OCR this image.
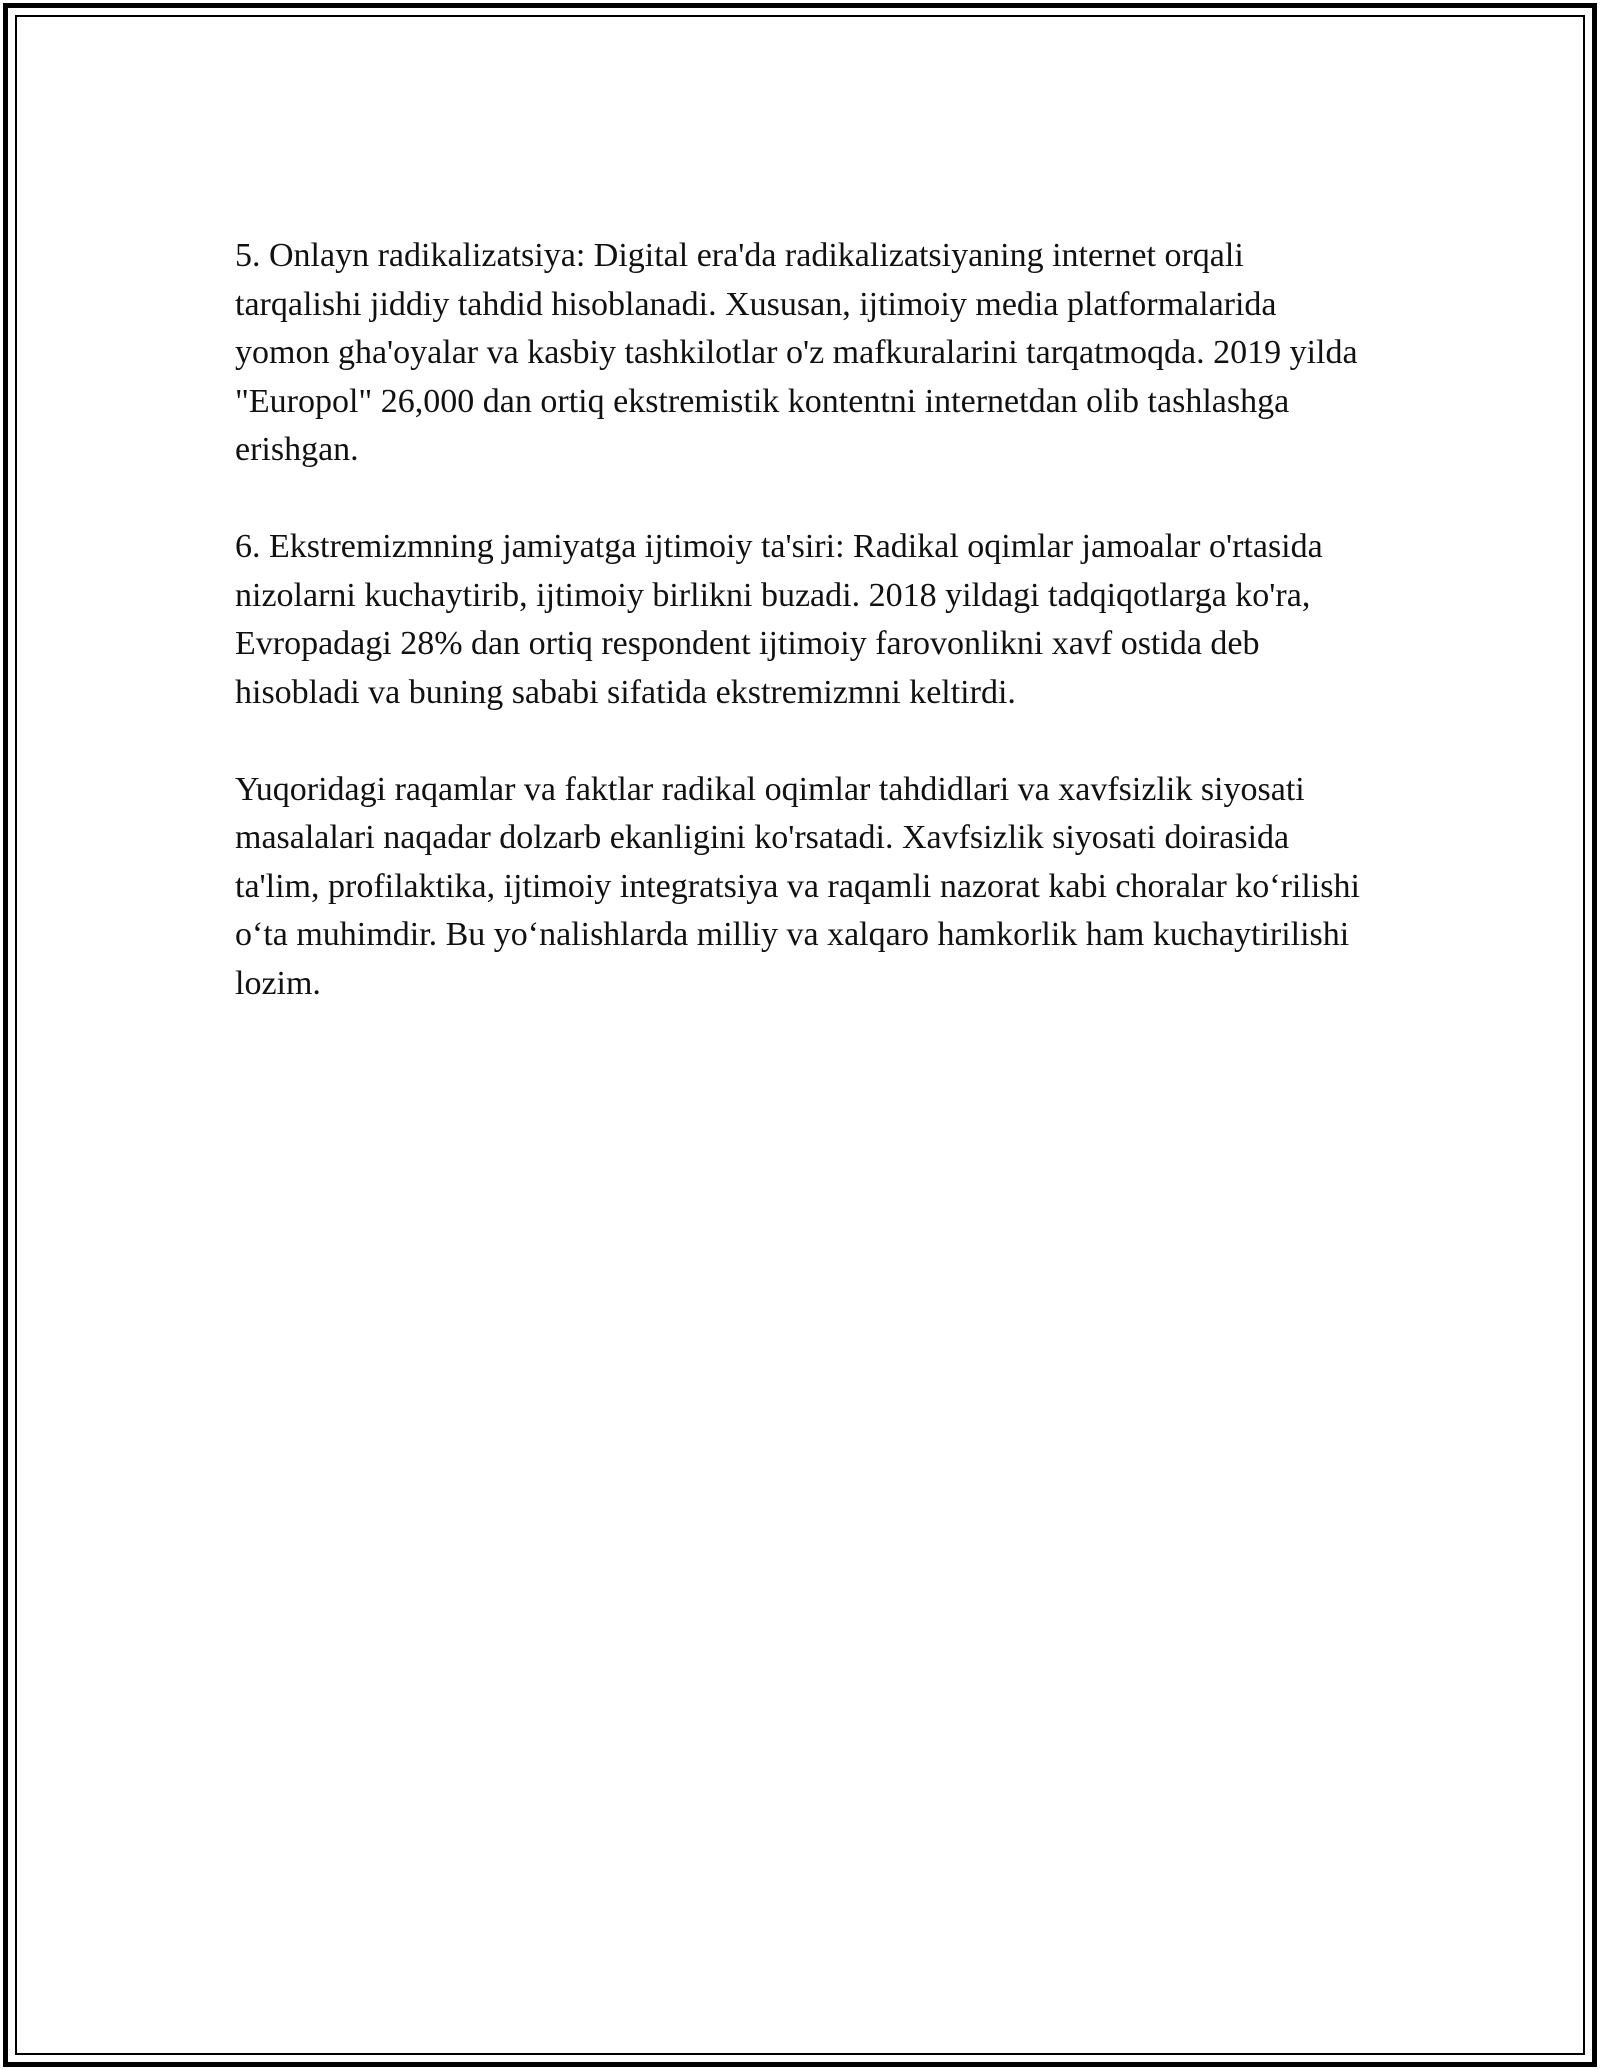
5. Onlayn radikalizatsiya: Digital era'da radikalizatsiyaning internet orqali tarqalishi jiddiy tahdid hisoblanadi. Xususan, ijtimoiy media platformalarida yomon gha'oyalar va kasbiy tashkilotlar o'z mafkuralarini tarqatmoqda. 2019 yilda "Europol" 26,000 dan ortiq ekstremistik kontentni internetdan olib tashlashga erishgan.

6. Ekstremizmning jamiyatga ijtimoiy ta'siri: Radikal oqimlar jamoalar o'rtasida nizolarni kuchaytirib, ijtimoiy birlikni buzadi. 2018 yildagi tadqiqotlarga ko'ra, Evropadagi 28% dan ortiq respondent ijtimoiy farovonlikni xavf ostida deb hisobladi va buning sababi sifatida ekstremizmni keltirdi.

Yuqoridagi raqamlar va faktlar radikal oqimlar tahdidlari va xavfsizlik siyosati masalalari naqadar dolzarb ekanligini ko'rsatadi. Xavfsizlik siyosati doirasida ta'lim, profilaktika, ijtimoiy integratsiya va raqamli nazorat kabi choralar ko‘rilishi o‘ta muhimdir. Bu yo‘nalishlarda milliy va xalqaro hamkorlik ham kuchaytirilishi lozim.
